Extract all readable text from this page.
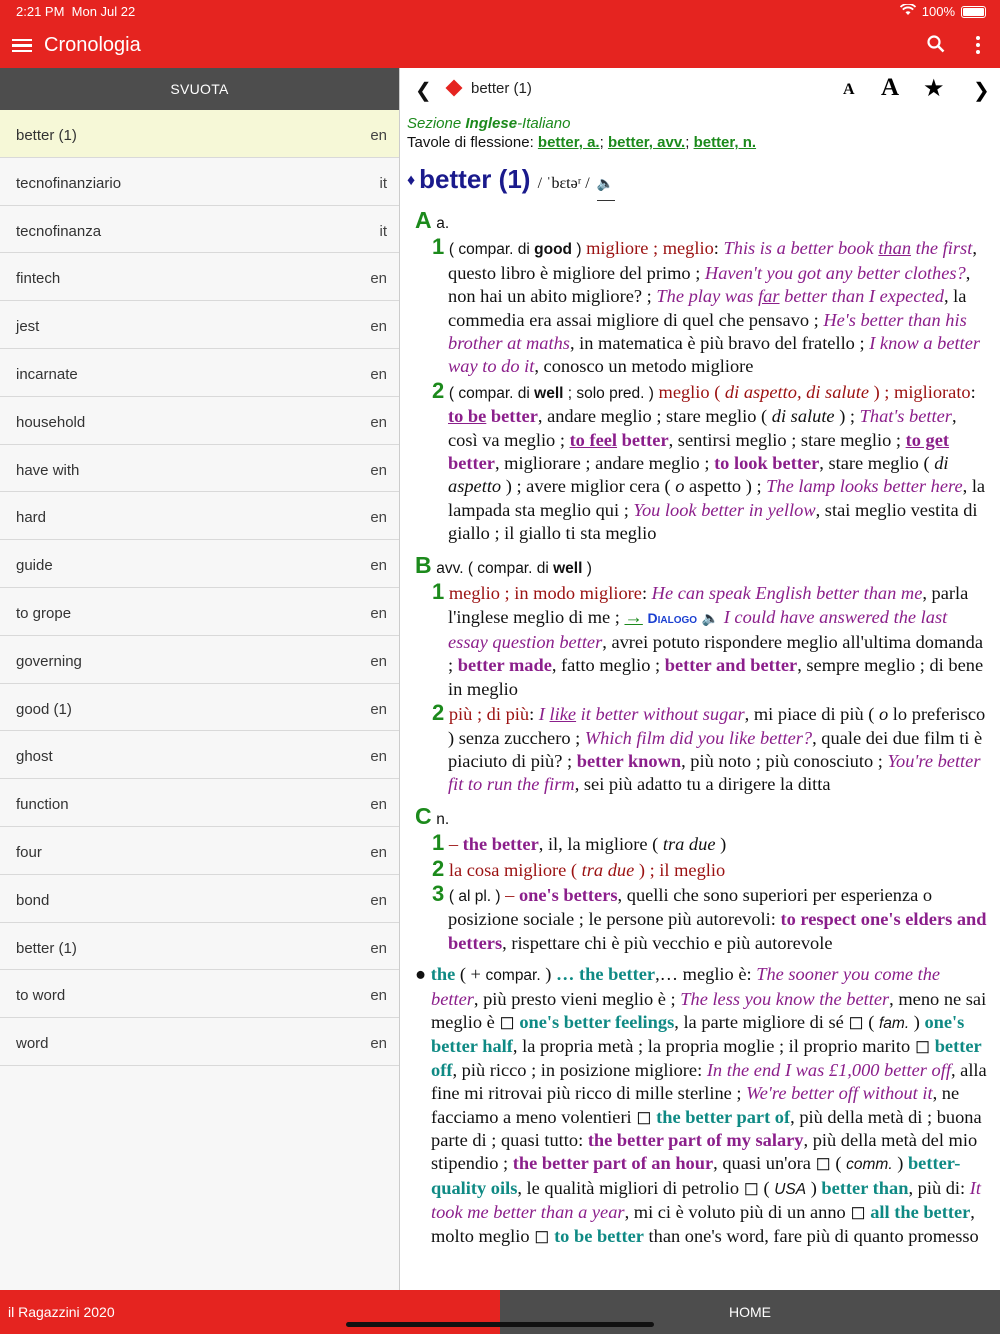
2:21 PM Mon Jul 22	100%
Cronologia
SVUOTA
better (1)	en
tecnofinanziario	it
tecnofinanza	it
fintech	en
jest	en
incarnate	en
household	en
have with	en
hard	en
guide	en
to grope	en
governing	en
good (1)	en
ghost	en
function	en
four	en
bond	en
better (1)	en
to word	en
word	en
❮	better (1)	A A ★ ❯
Sezione Inglese-Italiano
Tavole di flessione: better, a.; better, avv.; better, n.
♦ better (1) / ˈbɛtəʳ / 🔈
A a.
1 ( compar. di good ) migliore ; meglio: This is a better book than the first, questo libro è migliore del primo ; Haven't you got any better clothes?, non hai un abito migliore? ; The play was far better than I expected, la commedia era assai migliore di quel che pensavo ; He's better than his brother at maths, in matematica è più bravo del fratello ; I know a better way to do it, conosco un metodo migliore
2 ( compar. di well ; solo pred. ) meglio ( di aspetto, di salute ) ; migliorato: to be better, andare meglio ; stare meglio ( di salute ) ; That's better, così va meglio ; to feel better, sentirsi meglio ; stare meglio ; to get better, migliorare ; andare meglio ; to look better, stare meglio ( di aspetto ) ; avere miglior cera ( o aspetto ) ; The lamp looks better here, la lampada sta meglio qui ; You look better in yellow, stai meglio vestita di giallo ; il giallo ti sta meglio
B avv. ( compar. di well )
1 meglio ; in modo migliore: He can speak English better than me, parla l'inglese meglio di me ; → Dialogo 🔈 I could have answered the last essay question better, avrei potuto rispondere meglio all'ultima domanda ; better made, fatto meglio ; better and better, sempre meglio ; di bene in meglio
2 più ; di più: I like it better without sugar, mi piace di più ( o lo preferisco ) senza zucchero ; Which film did you like better?, quale dei due film ti è piaciuto di più? ; better known, più noto ; più conosciuto ; You're better fit to run the firm, sei più adatto tu a dirigere la ditta
C n.
1 – the better, il, la migliore ( tra due )
2 la cosa migliore ( tra due ) ; il meglio
3 ( al pl. ) – one's betters, quelli che sono superiori per esperienza o posizione sociale ; le persone più autorevoli: to respect one's elders and betters, rispettare chi è più vecchio e più autorevole
● the ( + compar. ) … the better,… meglio è: The sooner you come the better, più presto vieni meglio è ; The less you know the better, meno ne sai meglio è ◻ one's better feelings, la parte migliore di sé ◻ ( fam. ) one's better half, la propria metà ; la propria moglie ; il proprio marito ◻ better off, più ricco ; in posizione migliore: In the end I was £1,000 better off, alla fine mi ritrovai più ricco di mille sterline ; We're better off without it, ne facciamo a meno volentieri ◻ the better part of, più della metà di ; buona parte di ; quasi tutto: the better part of my salary, più della metà del mio stipendio ; the better part of an hour, quasi un'ora ◻ ( comm. ) better-quality oils, le qualità migliori di petrolio ◻ ( USA ) better than, più di: It took me better than a year, mi ci è voluto più di un anno ◻ all the better, molto meglio ◻ to be better than one's word, fare più di quanto promesso
il Ragazzini 2020	HOME
